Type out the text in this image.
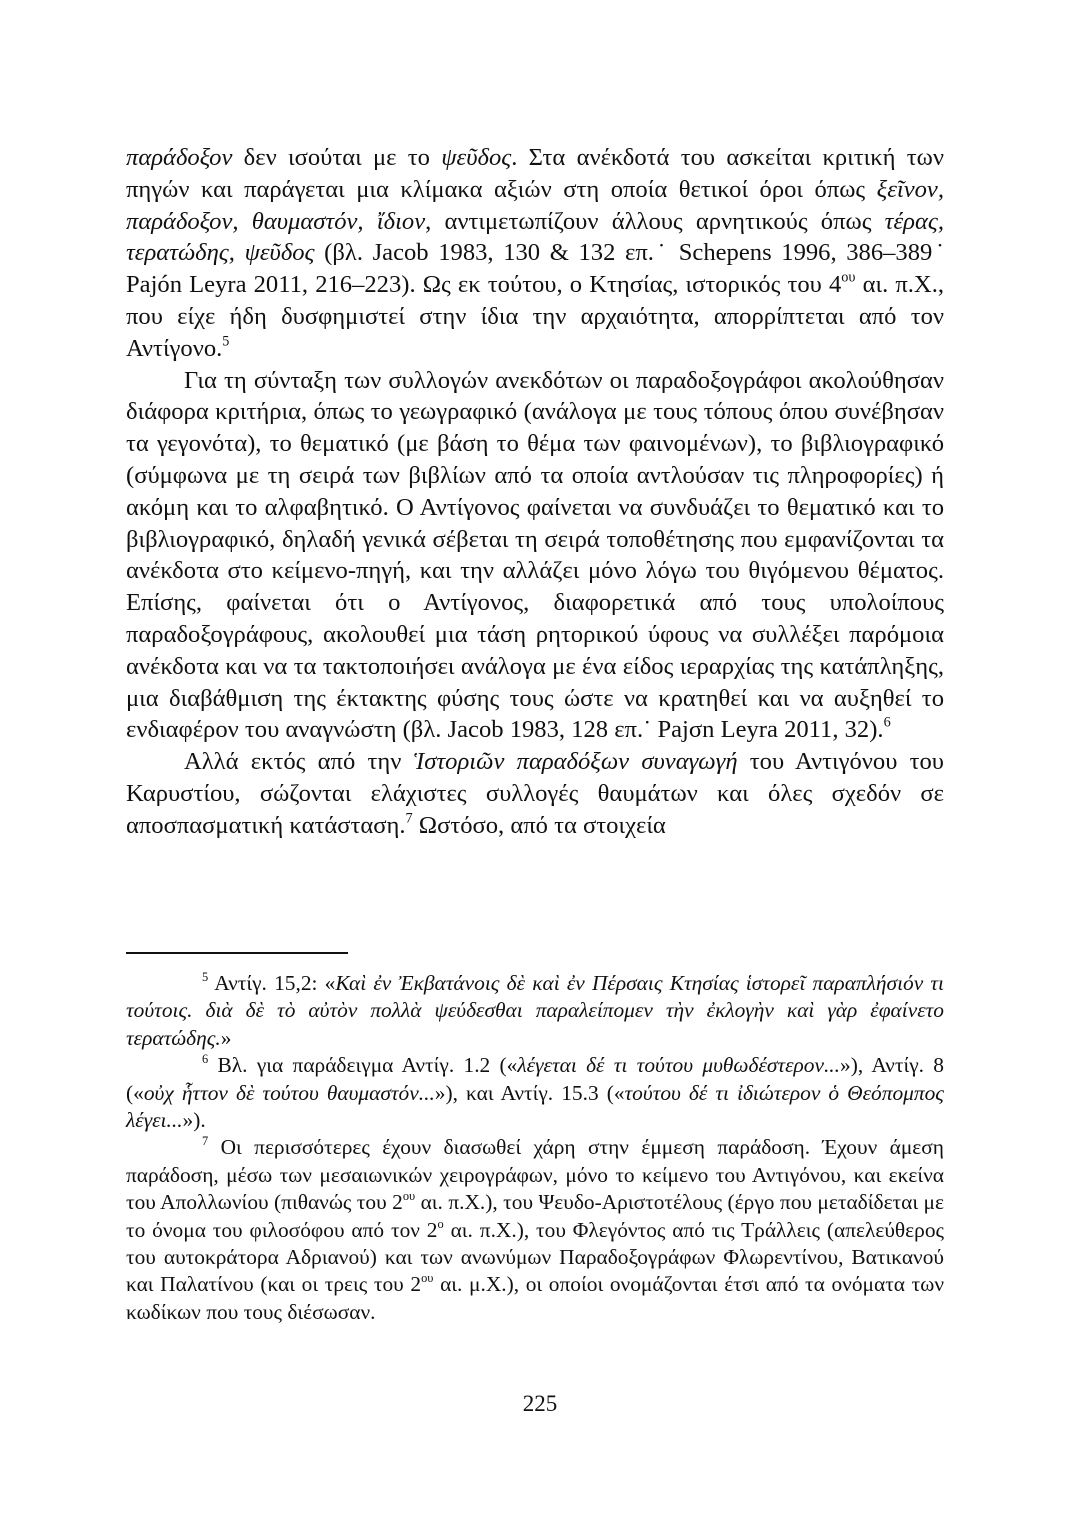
παράδοξον δεν ισούται με το ψεῦδος. Στα ανέκδοτά του ασκείται κριτική των πηγών και παράγεται μια κλίμακα αξιών στη οποία θετικοί όροι όπως ξεῖνον, παράδοξον, θαυμαστόν, ἴδιον, αντιμετωπίζουν άλλους αρνητικούς όπως τέρας, τερατώδης, ψεῦδος (βλ. Jacob 1983, 130 & 132 επ.˙ Schepens 1996, 386–389˙ Pajón Leyra 2011, 216–223). Ως εκ τούτου, ο Κτησίας, ιστορικός του $4^{o\upsilon}$ αι. π.Χ., που είχε ήδη δυσφημιστεί στην ίδια την αρχαιότητα, απορρίπτεται από τον Αντίγονο.$^5$

Για τη σύνταξη των συλλογών ανεκδότων οι παραδοξογράφοι ακολούθησαν διάφορα κριτήρια, όπως το γεωγραφικό (ανάλογα με τους τόπους όπου συνέβησαν τα γεγονότα), το θεματικό (με βάση το θέμα των φαινομένων), το βιβλιογραφικό (σύμφωνα με τη σειρά των βιβλίων από τα οποία αντλούσαν τις πληροφορίες) ή ακόμη και το αλφαβητικό. Ο Αντίγονος φαίνεται να συνδυάζει το θεματικό και το βιβλιογραφικό, δηλαδή γενικά σέβεται τη σειρά τοποθέτησης που εμφανίζονται τα ανέκδοτα στο κείμενο-πηγή, και την αλλάζει μόνο λόγω του θιγόμενου θέματος. Επίσης, φαίνεται ότι ο Αντίγονος, διαφορετικά από τους υπολοίπους παραδοξογράφους, ακολουθεί μια τάση ρητορικού ύφους να συλλέξει παρόμοια ανέκδοτα και να τα τακτοποιήσει ανάλογα με ένα είδος ιεραρχίας της κατάπληξης, μια διαβάθμιση της έκτακτης φύσης τους ώστε να κρατηθεί και να αυξηθεί το ενδιαφέρον του αναγνώστη (βλ. Jacob 1983, 128 επ.˙ Pajσn Leyra 2011, 32).$^6$

Αλλά εκτός από την Ἱστοριῶν παραδόξων συναγωγή του Αντιγόνου του Καρυστίου, σώζονται ελάχιστες συλλογές θαυμάτων και όλες σχεδόν σε αποσπασματική κατάσταση.$^7$ Ωστόσο, από τα στοιχεία

$^5$ Αντίγ. 15,2: «Καὶ ἐν Ἐκβατάνοις δὲ καὶ ἐν Πέρσαις Κτησίας ἱστορεῖ παραπλήσιόν τι τούτοις. διὰ δὲ τὸ αὐτὸν πολλὰ ψεύδεσθαι παραλείπομεν τὴν ἐκλογὴν καὶ γὰρ ἐφαίνετο τερατώδης.»

$^6$ Βλ. για παράδειγμα Αντίγ. 1.2 («λέγεται δέ τι τούτου μυθωδέστερον...»), Αντίγ. 8 («οὐχ ἧττον δὲ τούτου θαυμαστόν...»), και Αντίγ. 15.3 («τούτου δέ τι ἰδιώτερον ὁ Θεόπομπος λέγει...»).

$^7$ Οι περισσότερες έχουν διασωθεί χάρη στην έμμεση παράδοση. Έχουν άμεση παράδοση, μέσω των μεσαιωνικών χειρογράφων, μόνο το κείμενο του Αντιγόνου, και εκείνα του Απολλωνίου (πιθανώς του $2^{o\upsilon}$ αι. π.Χ.), του Ψευδο-Αριστοτέλους (έργο που μεταδίδεται με το όνομα του φιλοσόφου από τον $2^o$ αι. π.Χ.), του Φλεγόντος από τις Τράλλεις (απελεύθερος του αυτοκράτορα Αδριανού) και των ανωνύμων Παραδοξογράφων Φλωρεντίνου, Βατικανού και Παλατίνου (και οι τρεις του $2^{o\upsilon}$ αι. μ.Χ.), οι οποίοι ονομάζονται έτσι από τα ονόματα των κωδίκων που τους διέσωσαν.

225
